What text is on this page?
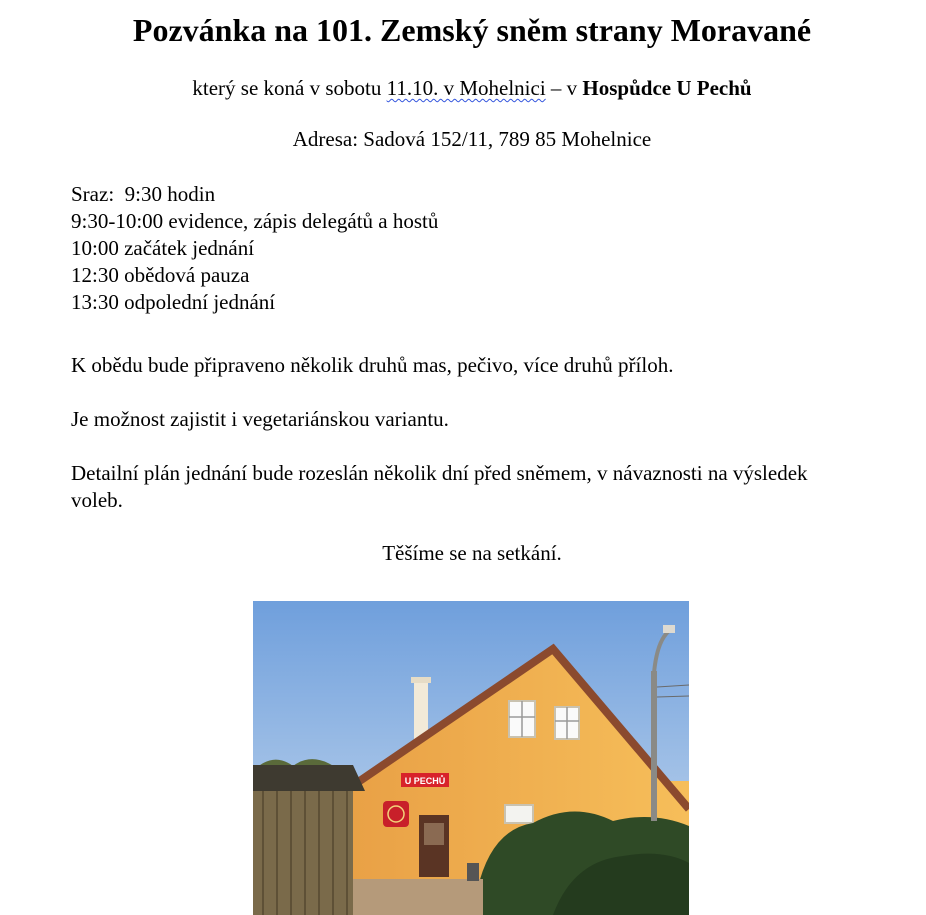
Pozvánka na 101. Zemský sněm strany Moravané

který se koná v sobotu 11.10. v Mohelnici – v Hospůdce U Pechů

Adresa: Sadová 152/11, 789 85 Mohelnice

Sraz:  9:30 hodin
9:30-10:00 evidence, zápis delegátů a hostů
10:00 začátek jednání
12:30 obědová pauza
13:30 odpolední jednání

K obědu bude připraveno několik druhů mas, pečivo, více druhů příloh.

Je možnost zajistit i vegetariánskou variantu.

Detailní plán jednání bude rozeslán několik dní před sněmem, v návaznosti na výsledek voleb.

Těšíme se na setkání.

U PECHŮ
